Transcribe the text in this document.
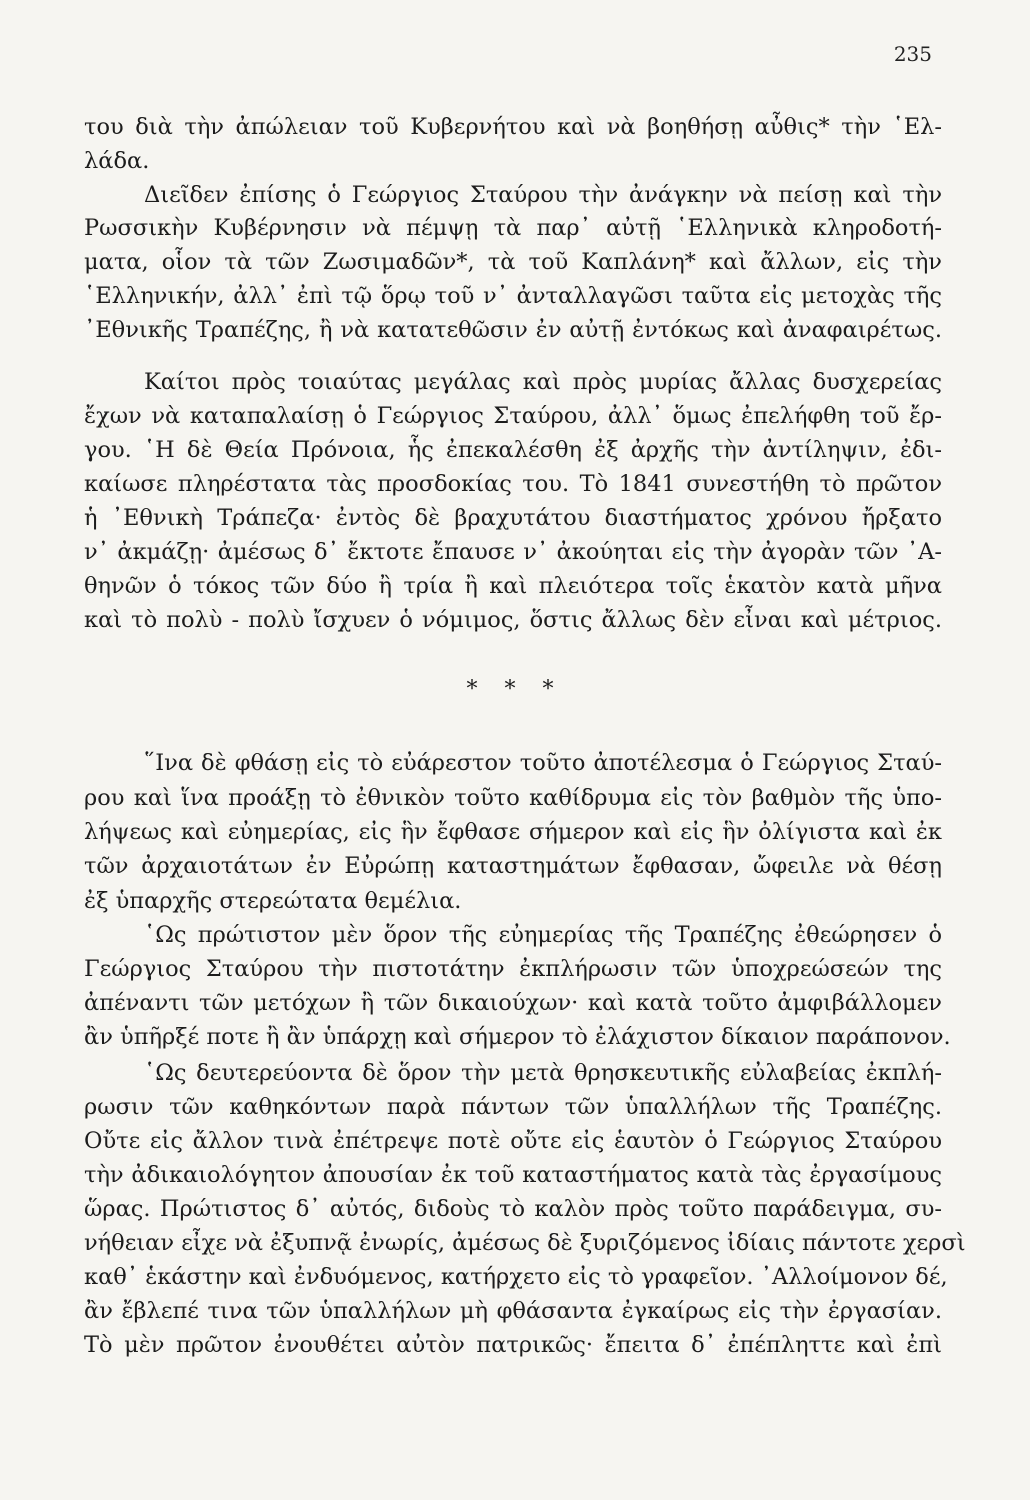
235
του διὰ τὴν ἀπώλειαν τοῦ Κυβερνήτου καὶ νὰ βοηθήσῃ αὖθις* τὴν ῾Ελ-
λάδα.
Διεῖδεν ἐπίσης ὁ Γεώργιος Σταύρου τὴν ἀνάγκην νὰ πείσῃ καὶ τὴν
Ρωσσικὴν Κυβέρνησιν νὰ πέμψῃ τὰ παρ᾽ αὐτῇ ῾Ελληνικὰ κληροδοτή-
ματα, οἷον τὰ τῶν Ζωσιμαδῶν*, τὰ τοῦ Καπλάνη* καὶ ἄλλων, εἰς τὴν
῾Ελληνικήν, ἀλλ᾽ ἐπὶ τῷ ὅρῳ τοῦ ν᾽ ἀνταλλαγῶσι ταῦτα εἰς μετοχὰς τῆς
᾽Εθνικῆς Τραπέζης, ἢ νὰ κατατεθῶσιν ἐν αὐτῇ ἐντόκως καὶ ἀναφαιρέτως.
Καίτοι πρὸς τοιαύτας μεγάλας καὶ πρὸς μυρίας ἄλλας δυσχερείας
ἔχων νὰ καταπαλαίσῃ ὁ Γεώργιος Σταύρου, ἀλλ᾽ ὅμως ἐπελήφθη τοῦ ἔρ-
γου. ῾Η δὲ Θεία Πρόνοια, ἧς ἐπεκαλέσθη ἐξ ἀρχῆς τὴν ἀντίληψιν, ἐδι-
καίωσε πληρέστατα τὰς προσδοκίας του. Τὸ 1841 συνεστήθη τὸ πρῶτον
ἡ ᾽Εθνικὴ Τράπεζα· ἐντὸς δὲ βραχυτάτου διαστήματος χρόνου ἤρξατο
ν᾽ ἀκμάζῃ· ἀμέσως δ᾽ ἔκτοτε ἔπαυσε ν᾽ ἀκούηται εἰς τὴν ἀγορὰν τῶν ᾽Α-
θηνῶν ὁ τόκος τῶν δύο ἢ τρία ἢ καὶ πλειότερα τοῖς ἑκατὸν κατὰ μῆνα
καὶ τὸ πολὺ - πολὺ ἴσχυεν ὁ νόμιμος, ὅστις ἄλλως δὲν εἶναι καὶ μέτριος.
* * *
῞Ινα δὲ φθάσῃ εἰς τὸ εὐάρεστον τοῦτο ἀποτέλεσμα ὁ Γεώργιος Σταύ-
ρου καὶ ἵνα προάξῃ τὸ ἐθνικὸν τοῦτο καθίδρυμα εἰς τὸν βαθμὸν τῆς ὑπο-
λήψεως καὶ εὐημερίας, εἰς ἣν ἔφθασε σήμερον καὶ εἰς ἣν ὀλίγιστα καὶ ἐκ
τῶν ἀρχαιοτάτων ἐν Εὐρώπῃ καταστημάτων ἔφθασαν, ὤφειλε νὰ θέσῃ
ἐξ ὑπαρχῆς στερεώτατα θεμέλια.
῾Ως πρώτιστον μὲν ὅρον τῆς εὐημερίας τῆς Τραπέζης ἐθεώρησεν ὁ
Γεώργιος Σταύρου τὴν πιστοτάτην ἐκπλήρωσιν τῶν ὑποχρεώσεών της
ἀπέναντι τῶν μετόχων ἢ τῶν δικαιούχων· καὶ κατὰ τοῦτο ἀμφιβάλλομεν
ἂν ὑπῆρξέ ποτε ἢ ἂν ὑπάρχῃ καὶ σήμερον τὸ ἐλάχιστον δίκαιον παράπονον.
῾Ως δευτερεύοντα δὲ ὅρον τὴν μετὰ θρησκευτικῆς εὐλαβείας ἐκπλή-
ρωσιν τῶν καθηκόντων παρὰ πάντων τῶν ὑπαλλήλων τῆς Τραπέζης.
Οὔτε εἰς ἄλλον τινὰ ἐπέτρεψε ποτὲ οὔτε εἰς ἑαυτὸν ὁ Γεώργιος Σταύρου
τὴν ἀδικαιολόγητον ἀπουσίαν ἐκ τοῦ καταστήματος κατὰ τὰς ἐργασίμους
ὥρας. Πρώτιστος δ᾽ αὐτός, διδοὺς τὸ καλὸν πρὸς τοῦτο παράδειγμα, συ-
νήθειαν εἶχε νὰ ἐξυπνᾷ ἐνωρίς, ἀμέσως δὲ ξυριζόμενος ἰδίαις πάντοτε χερσὶ
καθ᾽ ἑκάστην καὶ ἐνδυόμενος, κατήρχετο εἰς τὸ γραφεῖον. ᾽Αλλοίμονον δέ,
ἂν ἔβλεπέ τινα τῶν ὑπαλλήλων μὴ φθάσαντα ἐγκαίρως εἰς τὴν ἐργασίαν.
Τὸ μὲν πρῶτον ἐνουθέτει αὐτὸν πατρικῶς· ἔπειτα δ᾽ ἐπέπληττε καὶ ἐπὶ
